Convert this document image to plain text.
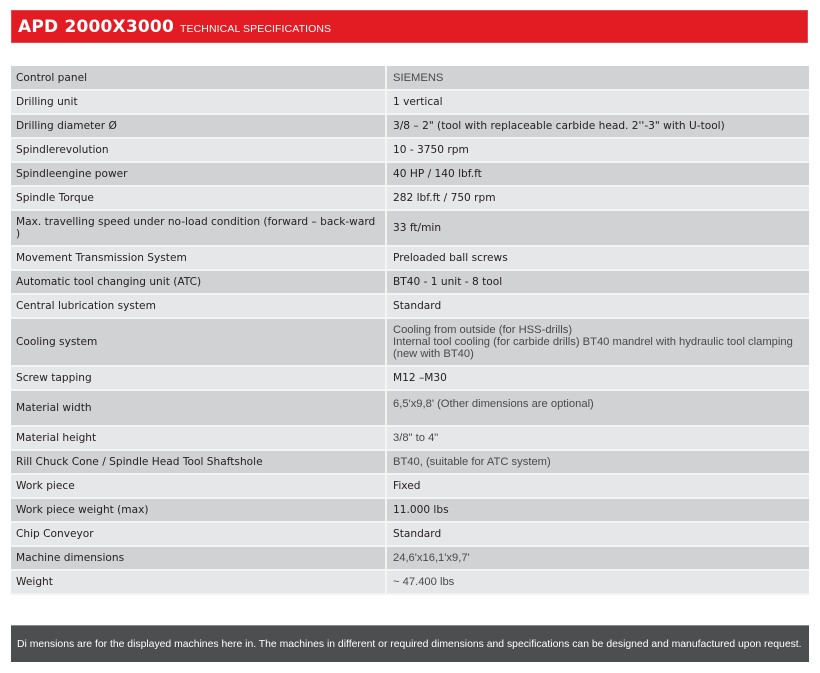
APD 2000X3000 TECHNICAL SPECIFICATIONS
Control panel	SIEMENS
Drilling unit	1 vertical
Drilling diameter Ø	3/8 – 2" (tool with replaceable carbide head. 2''-3" with U-tool)
Spindlerevolution	10 - 3750 rpm
Spindleengine power	40 HP / 140 lbf.ft
Spindle Torque	282 lbf.ft / 750 rpm
Max. travelling speed under no-load condition (forward – back-ward )	33 ft/min
Movement Transmission System	Preloaded ball screws
Automatic tool changing unit (ATC)	BT40 - 1 unit - 8 tool
Central lubrication system	Standard
Cooling system	Cooling from outside (for HSS-drills)
Internal tool cooling (for carbide drills) BT40 mandrel with hydraulic tool clamping (new with BT40)

Screw tapping	M12 –M30
Material width	6,5'x9,8' (Other dimensions are optional)
Material height	3/8" to 4"
Rill Chuck Cone / Spindle Head Tool Shaftshole	BT40, (suitable for ATC system)
Work piece	Fixed
Work piece weight (max)	11.000 lbs
Chip Conveyor	Standard
Machine dimensions	24,6'x16,1'x9,7'
Weight	~ 47.400 lbs
Di mensions are for the displayed machines here in. The machines in different or required dimensions and specifications can be designed and manufactured upon request.
